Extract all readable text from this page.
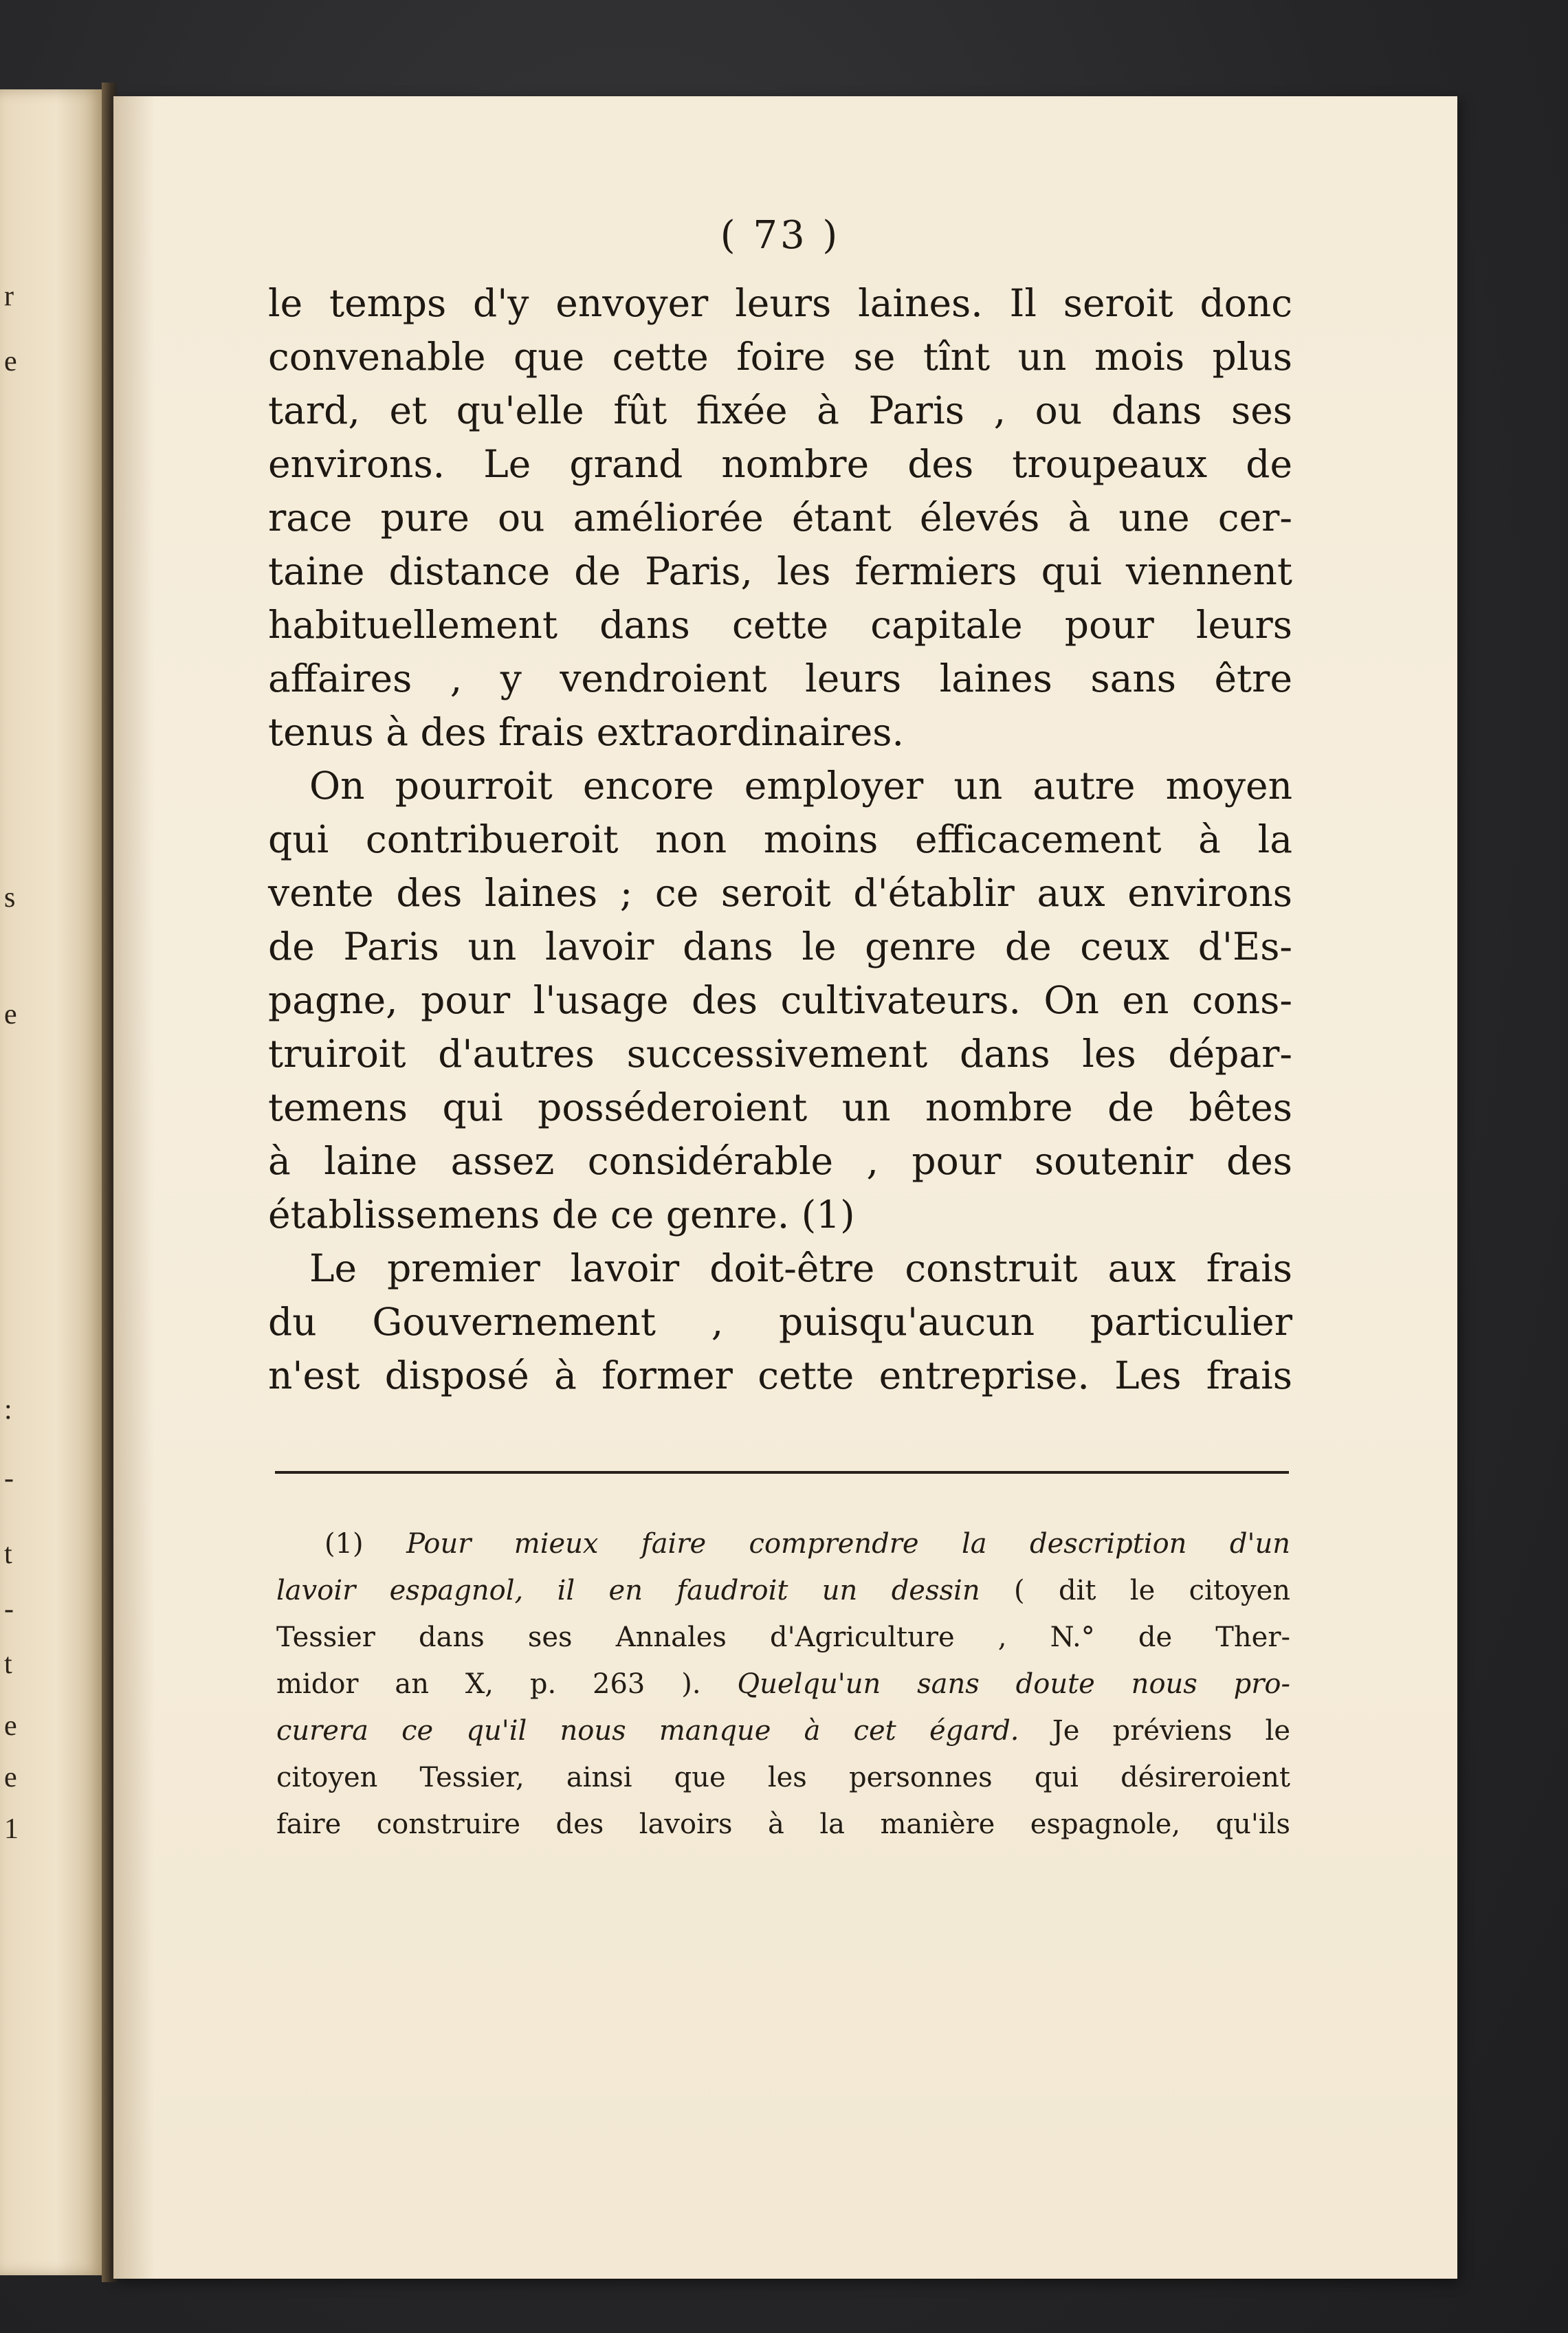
r
e
s
e
:
-
t
-
t
e
e
1
( 73 )
le temps d'y envoyer leurs laines. Il seroit donc
convenable que cette foire se tînt un mois plus
tard, et qu'elle fût fixée à Paris , ou dans ses
environs. Le grand nombre des troupeaux de
race pure ou améliorée étant élevés à une cer-
taine distance de Paris, les fermiers qui viennent
habituellement dans cette capitale pour leurs
affaires , y vendroient leurs laines sans être
tenus à des frais extraordinaires.
On pourroit encore employer un autre moyen
qui contribueroit non moins efficacement à la
vente des laines ; ce seroit d'établir aux environs
de Paris un lavoir dans le genre de ceux d'Es-
pagne, pour l'usage des cultivateurs. On en cons-
truiroit d'autres successivement dans les dépar-
temens qui posséderoient un nombre de bêtes
à laine assez considérable , pour soutenir des
établissemens de ce genre. (1)
Le premier lavoir doit-être construit aux frais
du Gouvernement , puisqu'aucun particulier
n'est disposé à former cette entreprise. Les frais
(1) Pour mieux faire comprendre la description d'un
lavoir espagnol, il en faudroit un dessin ( dit le citoyen
Tessier dans ses Annales d'Agriculture , N.° de Ther-
midor an X, p. 263 ). Quelqu'un sans doute nous pro-
curera ce qu'il nous manque à cet égard. Je préviens le
citoyen Tessier, ainsi que les personnes qui désireroient
faire construire des lavoirs à la manière espagnole, qu'ils
